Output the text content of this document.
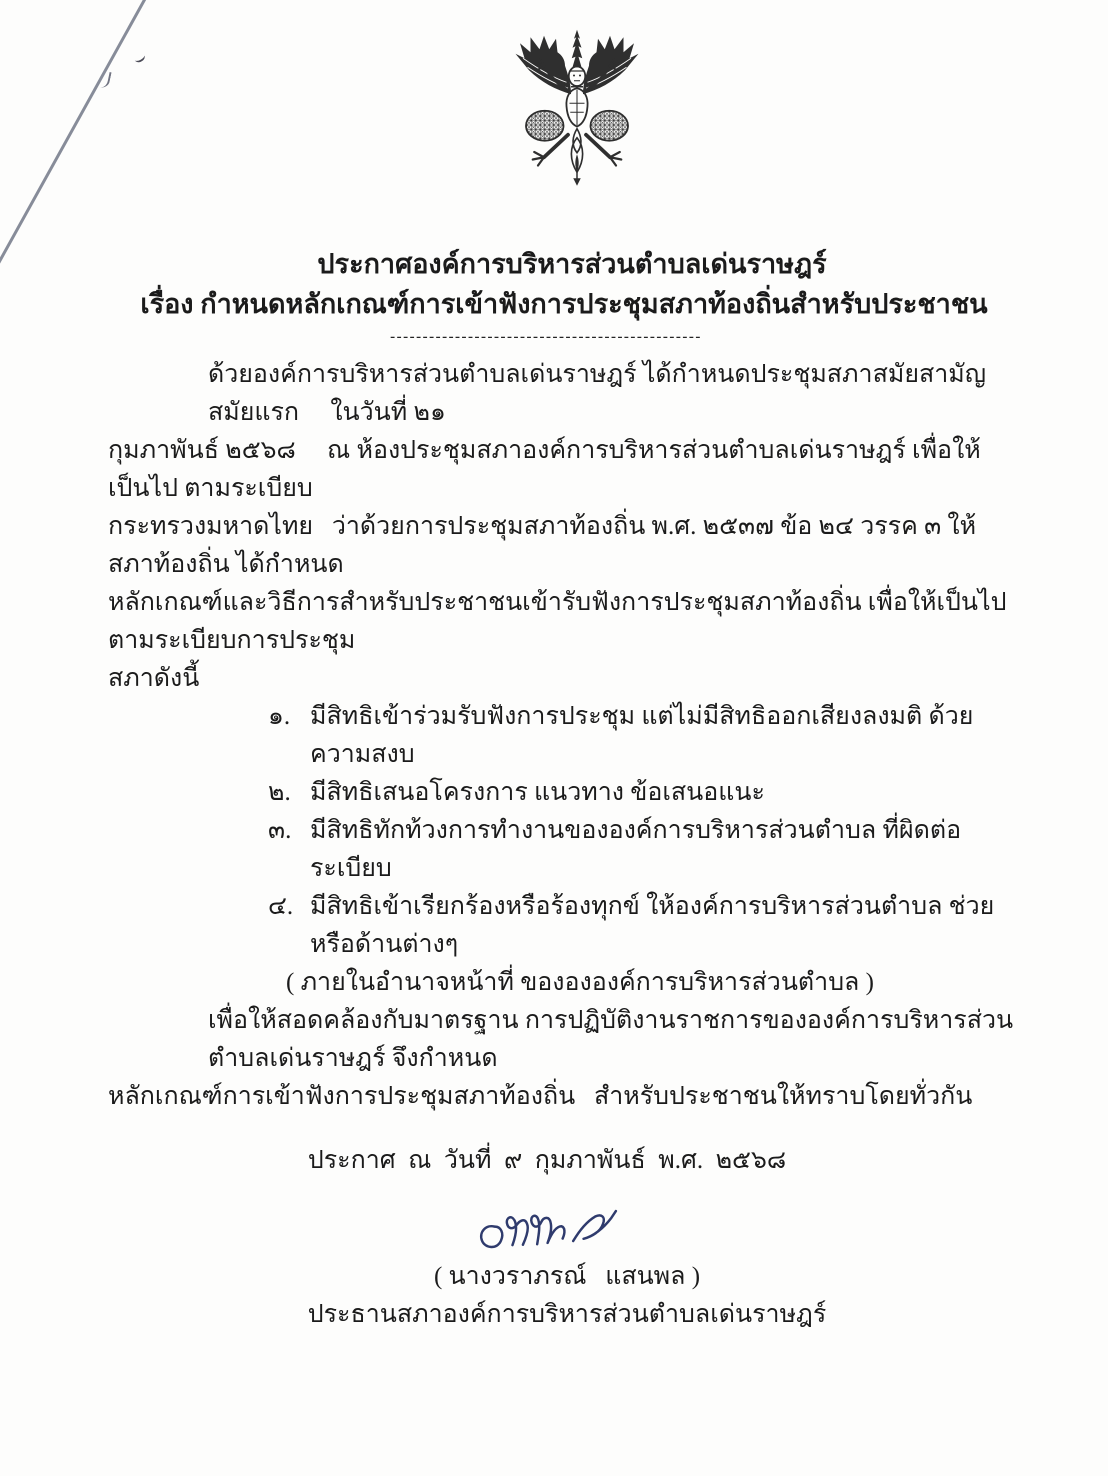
ประกาศองค์การบริหารส่วนตำบลเด่นราษฎร์
เรื่อง กำหนดหลักเกณฑ์การเข้าฟังการประชุมสภาท้องถิ่นสำหรับประชาชน
------------------------------------------------
ด้วยองค์การบริหารส่วนตำบลเด่นราษฎร์ ได้กำหนดประชุมสภาสมัยสามัญสมัยแรก     ในวันที่ ๒๑
กุมภาพันธ์ ๒๕๖๘     ณ ห้องประชุมสภาองค์การบริหารส่วนตำบลเด่นราษฎร์ เพื่อให้เป็นไป ตามระเบียบ
กระทรวงมหาดไทย   ว่าด้วยการประชุมสภาท้องถิ่น พ.ศ. ๒๕๓๗ ข้อ ๒๔ วรรค ๓ ให้สภาท้องถิ่น ได้กำหนด
หลักเกณฑ์และวิธีการสำหรับประชาชนเข้ารับฟังการประชุมสภาท้องถิ่น เพื่อให้เป็นไปตามระเบียบการประชุม
สภาดังนี้
๑. มีสิทธิเข้าร่วมรับฟังการประชุม แต่ไม่มีสิทธิออกเสียงลงมติ ด้วยความสงบ
๒. มีสิทธิเสนอโครงการ แนวทาง ข้อเสนอแนะ
๓. มีสิทธิทักท้วงการทำงานขององค์การบริหารส่วนตำบล ที่ผิดต่อระเบียบ
๔. มีสิทธิเข้าเรียกร้องหรือร้องทุกข์ ให้องค์การบริหารส่วนตำบล ช่วยหรือด้านต่างๆ
( ภายในอำนาจหน้าที่ ของององค์การบริหารส่วนตำบล )
เพื่อให้สอดคล้องกับมาตรฐาน การปฏิบัติงานราชการขององค์การบริหารส่วนตำบลเด่นราษฎร์ จึงกำหนด
หลักเกณฑ์การเข้าฟังการประชุมสภาท้องถิ่น   สำหรับประชาชนให้ทราบโดยทั่วกัน
ประกาศ  ณ  วันที่  ๙  กุมภาพันธ์  พ.ศ.  ๒๕๖๘
( นางวราภรณ์   แสนพล )
ประธานสภาองค์การบริหารส่วนตำบลเด่นราษฎร์
